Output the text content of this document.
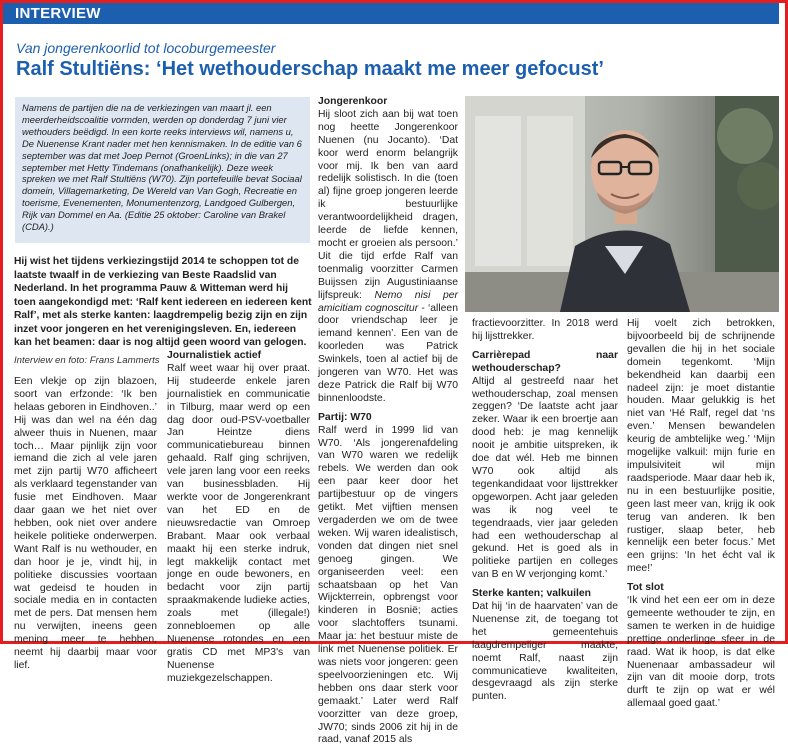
INTERVIEW
Van jongerenkoorlid tot locoburgemeester
Ralf Stultiëns: ‘Het wethouderschap maakt me meer gefocust’
Namens de partijen die na de verkiezingen van maart jl. een meerderheidscoalitie vormden, werden op donderdag 7 juni vier wethouders beëdigd. In een korte reeks interviews wil, namens u, De Nuenense Krant nader met hen kennismaken. In de editie van 6 september was dat met Joep Pernot (GroenLinks); in die van 27 september met Hetty Tindemans (onafhankelijk). Deze week spreken we met Ralf Stultiëns (W70). Zijn portefeuille bevat Sociaal domein, Villagemarketing, De Wereld van Van Gogh, Recreatie en toerisme, Evenementen, Monumentenzorg, Landgoed Gulbergen, Rijk van Dommel en Aa. (Editie 25 oktober: Caroline van Brakel (CDA).)
Hij wist het tijdens verkiezingstijd 2014 te schoppen tot de laatste twaalf in de verkiezing van Beste Raadslid van Nederland. In het programma Pauw & Witteman werd hij toen aangekondigd met: ‘Ralf kent iedereen en iedereen kent Ralf’, met als sterke kanten: laagdrempelig bezig zijn en zijn inzet voor jongeren en het verenigingsleven. En, iedereen kan het beamen: daar is nog altijd geen woord van gelogen.
Interview en foto: Frans Lammerts

Een vlekje op zijn blazoen, soort van erfzonde: ‘Ik ben helaas geboren in Eindhoven..’ Hij was dan wel na één dag alweer thuis in Nuenen, maar toch… Maar pijnlijk zijn voor iemand die zich al vele jaren met zijn partij W70 afficheert als verklaard tegenstander van fusie met Eindhoven. Maar daar gaan we het niet over hebben, ook niet over andere heikele politieke onderwerpen. Want Ralf is nu wethouder, en dan hoor je je, vindt hij, in politieke discussies voortaan wat gedeisd te houden in sociale media en in contacten met de pers. Dat mensen hem nu verwijten, ineens geen mening meer te hebben, neemt hij daarbij maar voor lief.

Journalistiek actief

Ralf weet waar hij over praat. Hij studeerde enkele jaren journalistiek en communicatie in Tilburg, maar werd op een dag door oud-PSV-voetballer Jan Heintze diens communicatiebureau binnen gehaald. Ralf ging schrijven, vele jaren lang voor een reeks van businessbladen. Hij werkte voor de Jongerenkrant van het ED en de nieuwsredactie van Omroep Brabant. Maar ook verbaal maakt hij een sterke indruk, legt makkelijk contact met jonge en oude bewoners, en bedacht voor zijn partij spraakmakende ludieke acties, zoals met (illegale!) zonnebloemen op alle Nuenense rotondes en een gratis CD met MP3's van Nuenense muziekgezelschappen.

Jongerenkoor

Hij sloot zich aan bij wat toen nog heette Jongerenkoor Nuenen (nu Jocanto). ‘Dat koor werd enorm belangrijk voor mij. Ik ben van aard redelijk solistisch. In die (toen al) fijne groep jongeren leerde ik bestuurlijke verantwoordelijkheid dragen, leerde de liefde kennen, mocht er groeien als persoon.’ Uit die tijd erfde Ralf van toenmalig voorzitter Carmen Buijssen zijn Augustiniaanse lijfspreuk: Nemo nisi per amicitiam cognoscitur - ‘alleen door vriendschap leer je iemand kennen’. Een van de koorleden was Patrick Swinkels, toen al actief bij de jongeren van W70. Het was deze Patrick die Ralf bij W70 binnenloodste.

Partij: W70

Ralf werd in 1999 lid van W70. ‘Als jongerenafdeling van W70 waren we redelijk rebels. We werden dan ook een paar keer door het partijbestuur op de vingers getikt. Met vijftien mensen vergaderden we om de twee weken. Wij waren idealistisch, vonden dat dingen niet snel genoeg gingen. We organiseerden veel: een schaatsbaan op het Van Wijckterrein, opbrengst voor kinderen in Bosnië; acties voor slachtoffers tsunami. Maar ja: het bestuur miste de link met Nuenense politiek. Er was niets voor jongeren: geen speelvoorzieningen etc. Wij hebben ons daar sterk voor gemaakt.’ Later werd Ralf voorzitter van deze groep, JW70; sinds 2006 zit hij in de raad, vanaf 2015 als

fractievoorzitter. In 2018 werd hij lijsttrekker.

Carrièrepad naar wethouderschap?

Altijd al gestreefd naar het wethouderschap, zoal mensen zeggen? ‘De laatste acht jaar zeker. Waar ik een broertje aan dood heb: je mag kennelijk nooit je ambitie uitspreken, ik doe dat wél. Heb me binnen W70 ook altijd als tegenkandidaat voor lijsttrekker opgeworpen. Acht jaar geleden was ik nog veel te tegendraads, vier jaar geleden had een wethouderschap al gekund. Het is goed als in politieke partijen en colleges van B en W verjonging komt.’

Sterke kanten; valkuilen

Dat hij ‘in de haarvaten’ van de Nuenense zit, de toegang tot het gemeentehuis laagdrempeliger maakte, noemt Ralf, naast zijn communicatieve kwaliteiten, desgevraagd als zijn sterke punten.

Hij voelt zich betrokken, bijvoorbeeld bij de schrijnende gevallen die hij in het sociale domein tegenkomt. ‘Mijn bekendheid kan daarbij een nadeel zijn: je moet distantie houden. Maar gelukkig is het niet van ‘Hé Ralf, regel dat ‘ns even.’ Mensen bewandelen keurig de ambtelijke weg.’ ‘Mijn mogelijke valkuil: mijn furie en impulsiviteit wil mijn raadsperiode. Maar daar heb ik, nu in een bestuurlijke positie, geen last meer van, krijg ik ook terug van anderen. Ik ben rustiger, slaap beter, heb kennelijk een beter focus.’ Met een grijns: ‘In het écht val ik mee!’

Tot slot

‘Ik vind het een eer om in deze gemeente wethouder te zijn, en samen te werken in de huidige prettige onderlinge sfeer in de raad. Wat ik hoop, is dat elke Nuenenaar ambassadeur wil zijn van dit mooie dorp, trots durft te zijn op wat er wél allemaal goed gaat.’
